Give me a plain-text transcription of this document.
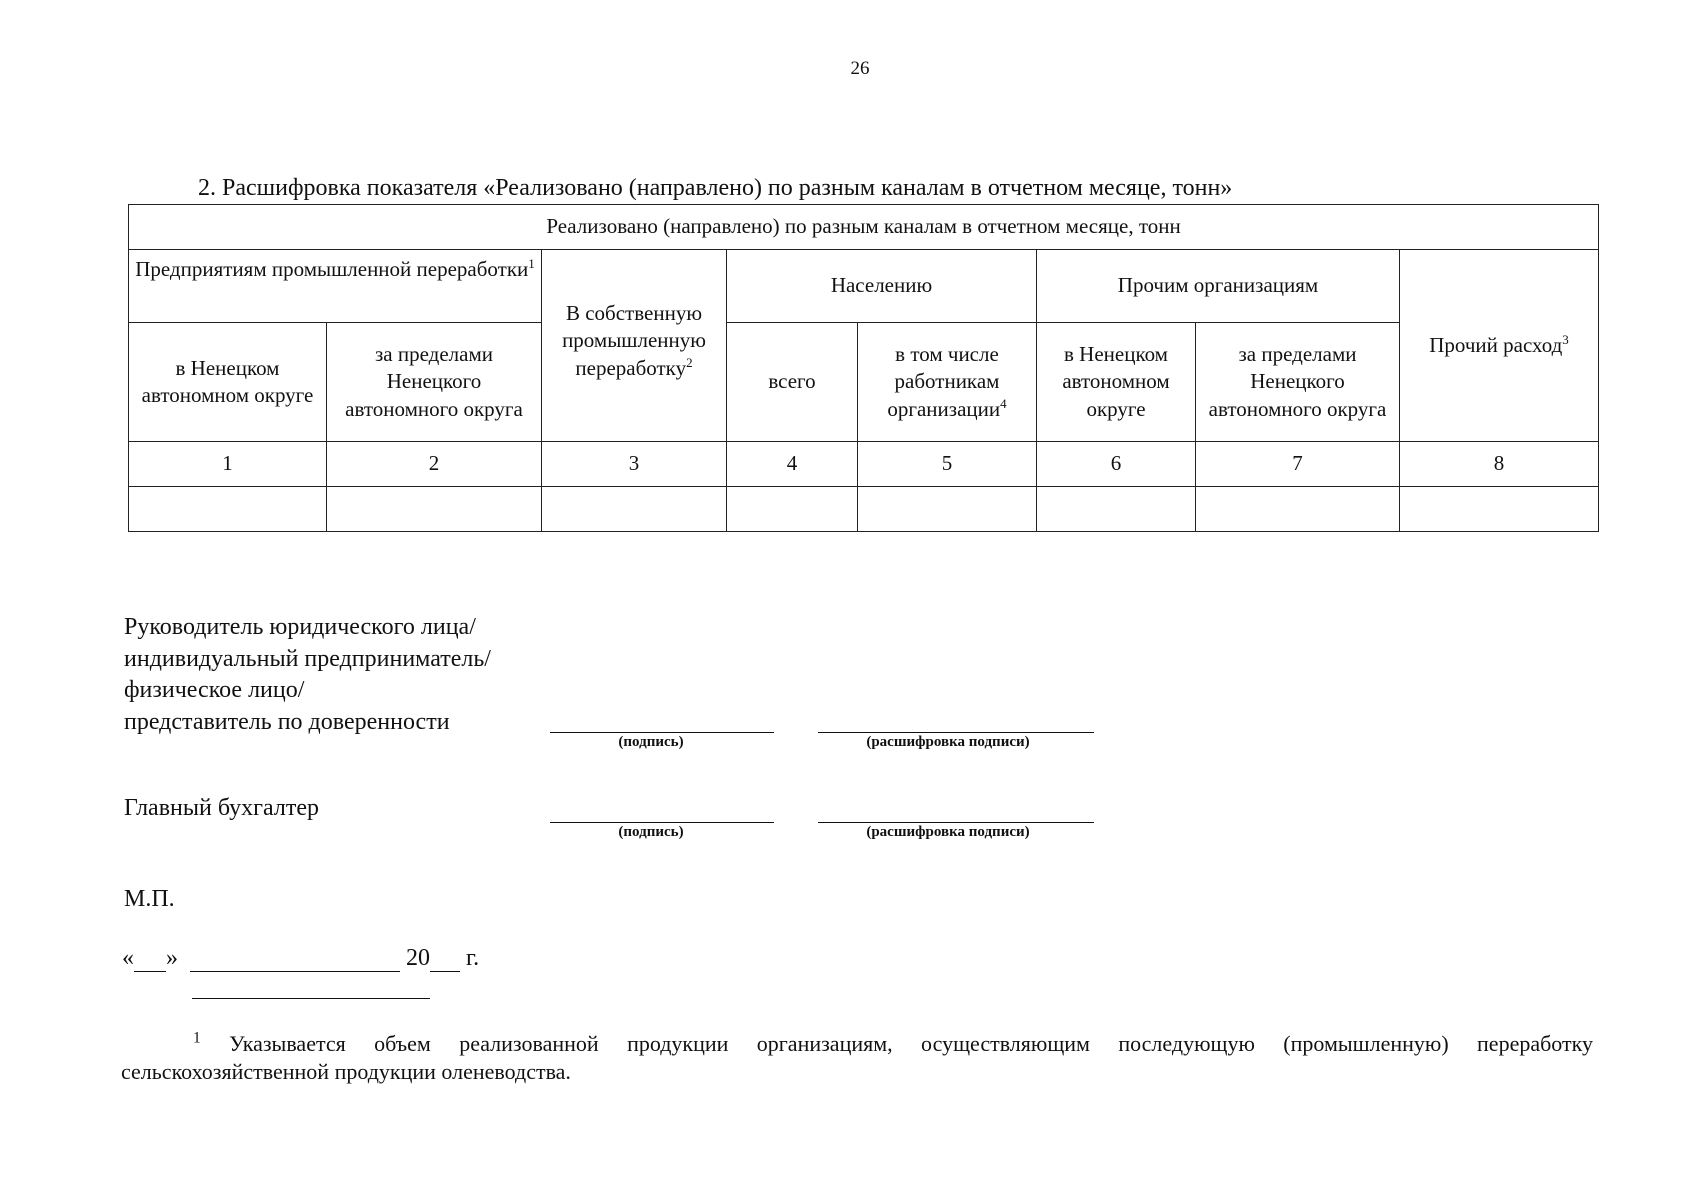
26
2. Расшифровка показателя «Реализовано (направлено) по разным каналам в отчетном месяце, тонн»
Реализовано (направлено) по разным каналам в отчетном месяце, тонн							
Предприятиям промышленной переработки$^1$		В собственную промышленную переработку$^2$	Населению		Прочим организациям		Прочий расход$^3$
в Ненецком автономном округе	за пределами Ненецкого автономного округа		всего	в том числе работникам организации$^4$	в Ненецком автономном округе	за пределами Ненецкого автономного округа	
1	2	3	4	5	6	7	8

Руководитель юридического лица/
индивидуальный предприниматель/
физическое лицо/
представитель по доверенности
(подпись)	(расшифровка подписи)
Главный бухгалтер
(подпись)	(расшифровка подписи)
М.П.
« »	20 г.
$^1$ Указывается объем реализованной продукции организациям, осуществляющим последующую (промышленную) переработку сельскохозяйственной продукции оленеводства.
